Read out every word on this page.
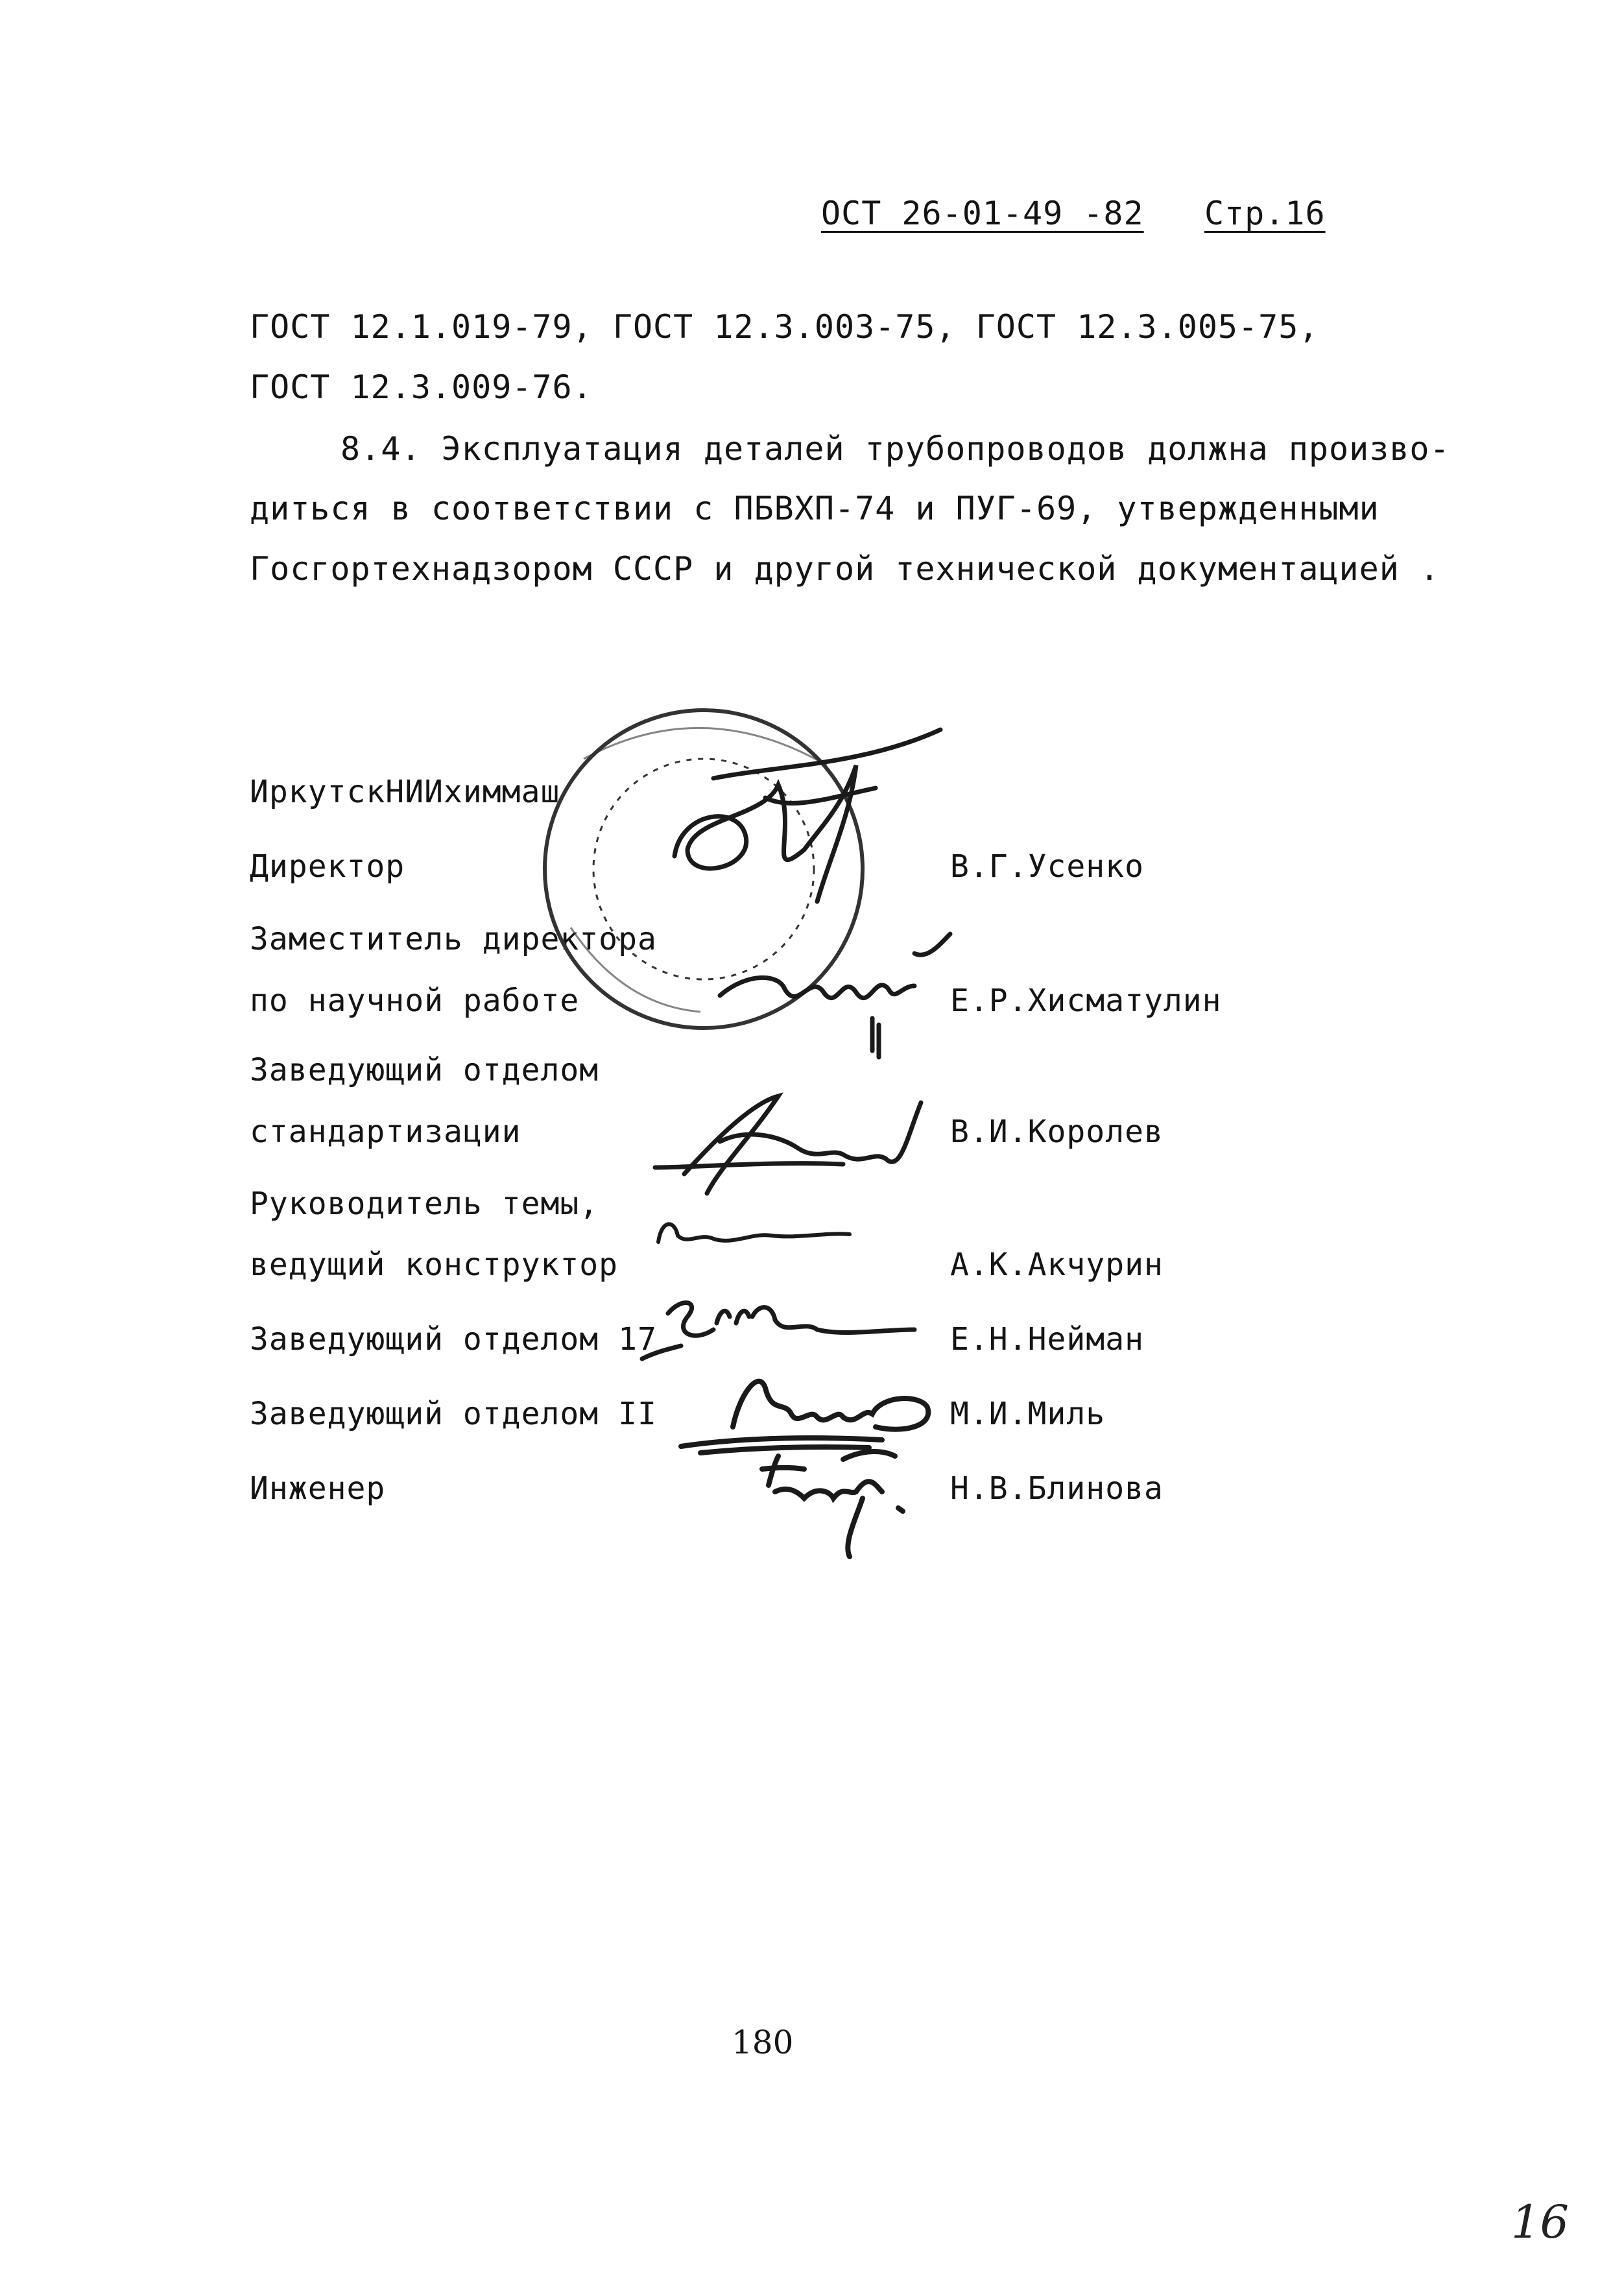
ОСТ 26-01-49 -82 Стр.16
ГОСТ 12.1.019-79, ГОСТ 12.3.003-75, ГОСТ 12.3.005-75,
ГОСТ 12.3.009-76.
8.4. Эксплуатация деталей трубопроводов должна произво-
диться в соответствии с ПБВХП-74 и ПУГ-69, утвержденными
Госгортехнадзором СССР и другой технической документацией .
ИркутскНИИхиммаш
Директор	В.Г.Усенко
Заместитель директора
по научной работе	Е.Р.Хисматулин
Заведующий отделом
стандартизации	В.И.Королев
Руководитель темы,
ведущий конструктор	А.К.Акчурин
Заведующий отделом 17	Е.Н.Нейман
Заведующий отделом II	М.И.Миль
Инженер	Н.В.Блинова
180
16
